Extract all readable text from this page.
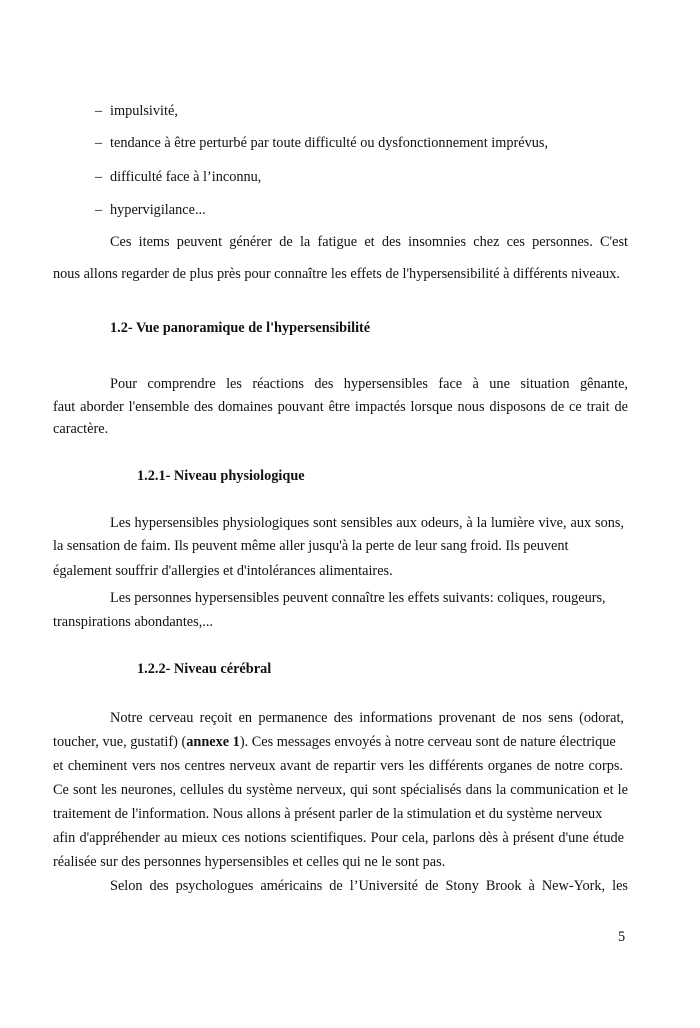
– impulsivité,
– tendance à être perturbé par toute difficulté ou dysfonctionnement imprévus,
– difficulté face à l’inconnu,
– hypervigilance...
Ces items peuvent générer de la fatigue et des insomnies chez ces personnes. C'est
nous allons regarder de plus près pour connaître les effets de l'hypersensibilité à différents niveaux.
1.2- Vue panoramique de l'hypersensibilité
Pour comprendre les réactions des hypersensibles face à une situation gênante,
faut aborder l'ensemble des domaines pouvant être impactés lorsque nous disposons de ce trait de
caractère.
1.2.1- Niveau physiologique
Les hypersensibles physiologiques sont sensibles aux odeurs, à la lumière vive, aux sons,
la sensation de faim. Ils peuvent même aller jusqu'à la perte de leur sang froid. Ils peuvent
également souffrir d'allergies et d'intolérances alimentaires.
Les personnes hypersensibles peuvent connaître les effets suivants: coliques, rougeurs,
transpirations abondantes,...
1.2.2- Niveau cérébral
Notre cerveau reçoit en permanence des informations provenant de nos sens (odorat,
toucher, vue, gustatif) (annexe 1). Ces messages envoyés à notre cerveau sont de nature électrique
et cheminent vers nos centres nerveux avant de repartir vers les différents organes de notre corps.
Ce sont les neurones, cellules du système nerveux, qui sont spécialisés dans la communication et le
traitement de l'information. Nous allons à présent parler de la stimulation et du système nerveux
afin d'appréhender au mieux ces notions scientifiques. Pour cela, parlons dès à présent d'une étude
réalisée sur des personnes hypersensibles et celles qui ne le sont pas.
Selon des psychologues américains de l’Université de Stony Brook à New-York, les
5
